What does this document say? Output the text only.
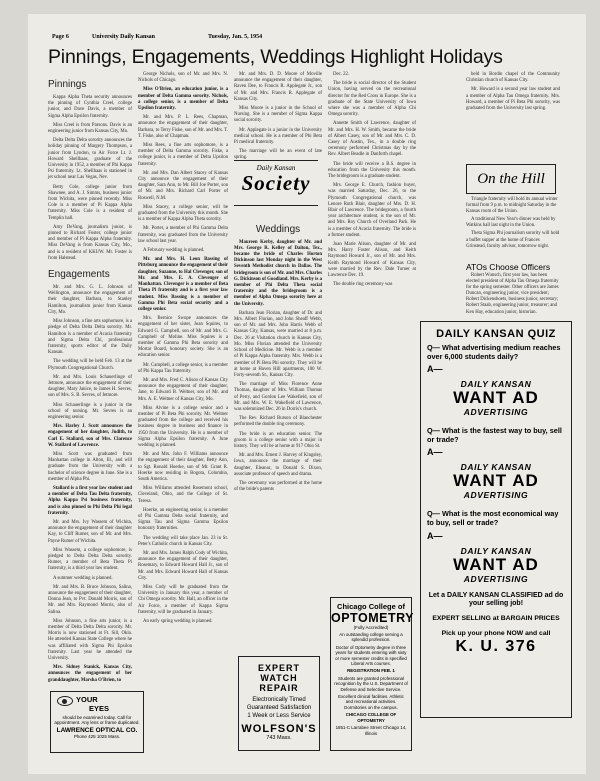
Page 6	University Daily Kansan	Tuesday, Jan. 5, 1954
Pinnings, Engagements, Weddings Highlight Holidays
Pinnings

Kappa Alpha Theta security announces the pinning of Cynthia Creel, college junior, and Dave Davis, a member of Sigma Alpha Epsilon fraternity.

Miss Creel is from Parsons. Davis is an engineering junior from Kansas City, Mo.

Delta Delta Delta sorority announces the holiday pinning of Margery Thompson, a junior from Lyndon, to Air Force Lt. J. Howard Shellhaas, graduate of the University in 1952, a member of Phi Kappa Psi fraternity. Lt. Shellhaas is stationed in jet school near Las Vegas, Nev.

Betty Cole, college junior from Shawnee, and A. J. Simms, business junior from Wichita, were pinned recently. Miss Cole is a member of Pi Kappa Alpha fraternity. Miss Cole is a resident of Templin hall.

Amy DeVang, journalism junior, is pinned to Richard Foster, college junior and member of Pi Kappa Alpha fraternity. Miss DeVang is from Kansas City, Mo., and is a resident of KKUW. Mr. Foster is from Halstead.

Engagements

Mr. and Mrs. G. L. Johnson of Wellington, announce the engagement of their daughter, Barbara, to Stanley Hamilton, journalism junior from Kansas City, Mo.

Miss Johnson, a fine arts sophomore, is a pledge of Delta Delta Delta sorority. Mr. Hamilton is a member of Acacia fraternity and Sigma Delta Chi, professional fraternity, sports editor of the Daily Kansan.

The wedding will be held Feb. 13 at the Plymouth Congregational Church.

Mr. and Mrs. Louis Schauerlinge of Jetmore, announce the engagement of their daughter, Mary Janice, to James H. Sevres, son of Mrs. S. B. Sevres, of Jetmore.

Miss Schauerlinge is a junior in the school of nursing. Mr. Sevres is an engineering senior.

Mrs. Harley J. Scott announces the engagement of her daughter, Judith, to Carl E. Stallard, son of Mrs. Clarence W. Stallard of Lawrence.

Miss Scott was graduated from Manhattan college in Alton, Ill., and will graduate from the University with a bachelor of science degree in June. She is a member of Alpha Phi.

Stallard is a first year law student and a member of Delta Tau Delta fraternity, Alpha Kappa Psi business fraternity, and is also pinned to Phi Delta Phi legal fraternity.

Mr. and Mrs. Ivy Wassem of Wichita, announce the engagement of their daughter Kay, to Cliff Rumer, son of Mr. and Mrs. Payne Rumer of Wichita.

Miss Wassem, a college sophomore, is pledged to Delta Delta Delta sorority. Rumer, a member of Beta Theta Pi fraternity, is a third year law student.

A summer wedding is planned.

Mr. and Mrs. B. Bruce Johnson, Salina, announce the engagement of their daughter, Donna Jean, to Pvt. Donald Morris, son of Mr. and Mrs. Raymond Morris, also of Salina.

Miss Johnson, a fine arts junior, is a member of Delta Delta Delta sorority. Mr. Morris is now stationed at Ft. Sill, Okla. He attended Kansas State College where he was affiliated with Sigma Phi Epsilon fraternity. Last year he attended the University.

Mrs. Sidney Stanick, Kansas City, announces the engagement of her granddaughter, Marsha O'Brien, to

George Nichols, son of Mr. and Mrs. N. Nichols of Chicago.

Miss O'Brien, an education junior, is a member of Delta Gamma sorority. Nichols, a college senior, is a member of Delta Upsilon fraternity.

Mr. and Mrs. P. L. Rees, Chapman, announce the engagement of their daughter, Barbara, to Terry Fiske, son of Mr. and Mrs. T. T. Fiske, also of Chapman.

Miss Rees, a fine arts sophomore, is a member of Delta Gamma sorority. Fiske, a college junior, is a member of Delta Upsilon fraternity.

Mr. and Mrs. Dan Albert Stacey of Kansas City announce the engagement of their daughter, Sara Ann, to Mr. Bill Joe Porter, son of Mr. and Mrs. Richard Carl Porter of Roswell, N.M.

Miss Stacey, a college senior, will be graduated from the University this month. She is a member of Kappa Alpha Theta sorority.

Mr. Porter, a member of Phi Gamma Delta fraternity, was graduated from the University law school last year.

A February wedding is planned.

Mr. and Mrs. H. Leon Bassing of Pittsburg announce the engagement of their daughter, Suzanne, to Hal Clevenger, son of Mr. and Mrs. E. A. Clevenger of Manhattan. Clevenger is a member of Beta Theta Pi fraternity and is a first year law student. Miss Bassing is a member of Gamma Phi Beta social security and a college senior.

Mrs. Bernice Swope announces the engagement of her sister, Joan Squires, to Edward G. Campbell, son of Mr. and Mrs. G. Campbell of Moline. Miss Squires is a member of Gamma Phi Beta sorority and Mortar Board, honorary society. She is an education senior.

Mr. Campbell, a college senior, is a member of Phi Kappa Tau fraternity.

Mr. and Mrs. Fred C. Alison of Kansas City announce the engagement of their daughter, Jane, to Edward B. Weltner, son of Mr. and Mrs. A. E. Weltner of Kansas City, Mo.

Miss Alvine is a college senior and a member of Pi Beta Phi sorority. Mr. Weltner graduated from the college and received his business degree in business and finance in 1950 from the University. He is a member of Sigma Alpha Epsilon fraternity. A June wedding is planned.

Mr. and Mrs. John F. Williams announce the engagement of their daughter, Betty Ann, to Sgt. Ronald Hoerke, son of Mr. Grant R. Hoerke now residing in Bogota, Colombia, South America.

Miss Williams attended Rosemont school, Cleveland, Ohio, and the College of St. Teresa.

Hoerke, an engineering senior, is a member of Phi Gamma Delta social fraternity, and Sigma Tau and Sigma Gamma Epsilon honorary fraternities.

The wedding will take place Jan. 23 in St. Peter's Catholic church in Kansas City.

Mr. and Mrs. James Ralph Cody of Wichita, announce the engagement of their daughter, Rosemary, to Edward Howard Hall Jr., son of Mr. and Mrs. Edward Howard Hall of Kansas City.

Miss Cody will be graduated from the University in January this year, a member of Chi Omega sorority. Mr. Hall, an officer in the Air Force, a member of Kappa Sigma fraternity, will be graduated in January.

An early spring wedding is planned.

Mr. and Mrs. D. D. Moore of Moville announce the engagement of their daughter, Raven Dee, to Francis R. Applegate Jr., son of Mr. and Mrs. Francis R. Applegate of Kansas City.

Miss Moore is a junior in the School of Nursing. She is a member of Sigma Kappa social sorority.

Mr. Applegate is a junior in the University medical school. He is a member of Phi Beta Pi medical fraternity.

The marriage will be an event of late spring.

Weddings

Maureen Kerby, daughter of Mr. and Mrs. George R. Kelley of Dalton, Tex., became the bride of Charles Horton Dickinson last Monday night in the West Seventh Methodist church in Dallas. The bridegroom is son of Mr. and Mrs. Charles G. Dickinson of Goodland. Mrs. Kerby is a member of Phi Delta Theta social fraternity and the bridegroom is a member of Alpha Omega sorority here at the University.

Barbara Jean Florian, daughter of Dr. and Mrs. Albert Florian, and John Sheaff Webb, son of Mr. and Mrs. John Harris Webb of Kansas City, Kansas, were married at 8 p.m. Dec. 26 at Visitation church in Kansas City, Mo. Miss Florian attended the University School of Medicine. Mr. Webb is a member of Pi Kappa Alpha fraternity. Mrs. Webb is a member of Pi Beta Phi sorority. They will be at home at Haven Hill apartments, 100 W. Forty-seventh St., Kansas City.

The marriage of Miss Florence Anne Thomas, daughter of Mrs. William Thomas of Perry, and Gordon Lee Wakefield, son of Mr. and Mrs. W. E. Wakefield of Lawrence, was solemnized Dec. 26 in Dorris's church.

The Rev. Richard Burson of Blanchester performed the double ring ceremony.

The bride is an education senior. The groom is a college senior with a major in history. They will be at home at 917 Ohio St.

Mr. and Mrs. Ernest J. Harvey of Kingsley, Iowa, announce the marriage of their daughter, Eleanor, to Donald S. Dixon, associate professor of speech and drama.

The ceremony was performed at the home of the bride's parents

Daily Kansan
Society

Dec. 22.

The bride is social director of the Student Union, having served on the recreational director for the Red Cross in Europe. She is a graduate of the State University of Iowa where she was a member of Alpha Chi Omega sorority.

Annette Smith of Lawrence, daughter of Mr. and Mrs. H. W. Smith, became the bride of Albert Casey, son of Mr. and Mrs. C. D. Casey of Austin, Tex., in a double ring ceremony performed Christmas day by the Rev. Albert Beadle in Danforth chapel.

The bride will receive a B.S. degree in education from the University this month. The bridegroom is a graduate student.

Mrs. George E. Church, fashion buyer, was married Saturday, Dec. 26, to the Plymouth Congregational church, was Lenore Ruth Blair, daughter of Mrs. D. H. Blair of Lawrence. The bridegroom, a fourth year architecture student, is the son of Mr. and Mrs. Roy Church of Overland Park. He is a member of Acacia fraternity. The bride is a former student.

Joan Marie Alison, daughter of Mr. and Mrs. Harry Foster Alison, and Keith Raymond Howard Jr., son of Mr. and Mrs. Keith Raymond Howard of Kansas City, were married by the Rev. Dale Turner at Lawrence Dec. 19.

The double ring ceremony was

held in Bordin chapel of the Community Christian church of Kansas City.

Mr. Howard is a second year law student and a member of Alpha Tau Omega fraternity. Mrs. Howard, a member of Pi Beta Phi sorority, was graduated from the University last spring.

On the Hill

Triangle fraternity will hold its annual winter formal from 9 p.m. to midnight Saturday in the Kansas room of the Union.

A traditional New Year's dinner was held by Watkins hall last night in the Union.

Theta Sigma Phi journalism sorority will hold a buffet supper at the home of Frances Grinstead, faculty advisor, tomorrow night.

ATOs Choose Officers

Robert Wunsch, first year law, has been elected president of Alpha Tau Omega fraternity for the spring semester. Other officers are James Duncan, engineering junior, vice president; Robert Dickenshoets, business junior, secretary; Robert Staab, engineering junior, treasurer; and Ken Hay, education junior, historian.

DAILY KANSAN QUIZ
Q— What advertising medium reaches over 6,000 students daily?
A—
DAILY KANSAN
WANT AD
ADVERTISING
Q— What is the fastest way to buy, sell or trade?
A—
DAILY KANSAN
WANT AD
ADVERTISING
Q— What is the most economical way to buy, sell or trade?
A—
DAILY KANSAN
WANT AD
ADVERTISING
Let a DAILY KANSAN CLASSIFIED ad do your selling job!
EXPERT SELLING at BARGAIN PRICES
Pick up your phone NOW and call
K. U. 376
Chicago College of
OPTOMETRY
(Fully Accredited)

An outstanding college serving a splendid profession.

Doctor of Optometry degree in three years for students entering with sixty or more semester credits in specified Liberal Arts courses.

REGISTRATION FEB. 1

Students are granted professional recognition by the U.S. Department of Defense and Selective Service.

Excellent clinical facilities. Athletic and recreational activities. Dormitories on the campus.

CHICAGO COLLEGE OF OPTOMETRY

1851-C Larrabee Street Chicago 14, Illinois

EXPERT
WATCH REPAIR
Electronically Timed
Guaranteed Satisfaction
1 Week or Less Service
WOLFSON'S
743 Mass.
YOUR
EYES
should be examined today. Call for appointment. Any lens or frame duplicated.
LAWRENCE OPTICAL CO.
Phone 425 1025 Mass.
